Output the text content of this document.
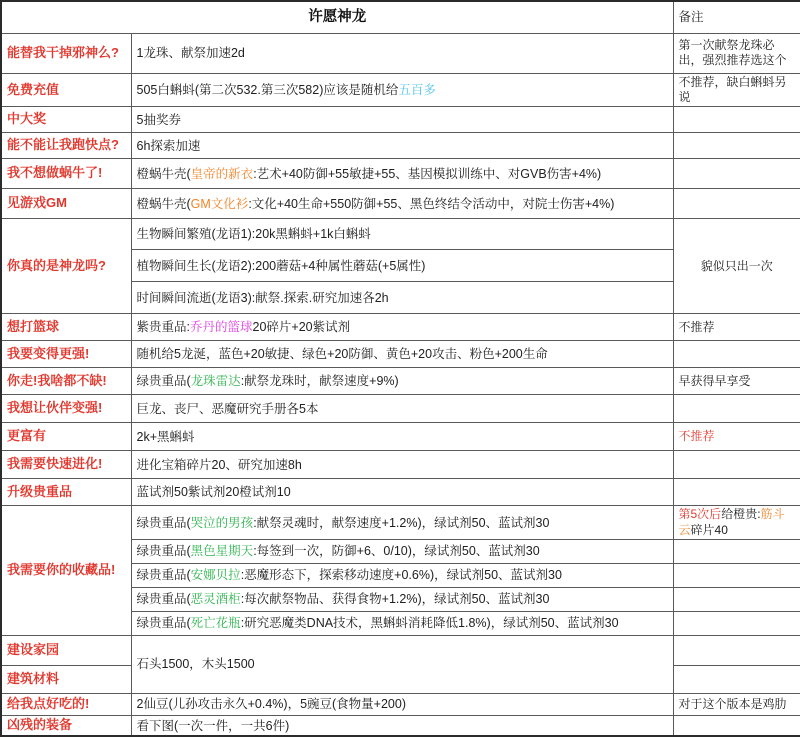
许愿神龙		备注
能替我干掉邪神么?	1龙珠、献祭加速2d	第一次献祭龙珠必出，强烈推荐选这个
免费充值	505白蝌蚪(第二次532.第三次582)应该是随机给五百多	不推荐，缺白蝌蚪另说
中大奖	5抽奖券	
能不能让我跑快点?	6h探索加速	
我不想做蜗牛了!	橙蜗牛壳(皇帝的新衣:艺术+40防御+55敏捷+55、基因模拟训练中、对GVB伤害+4%)	
见游戏GM	橙蜗牛壳(GM文化衫:文化+40生命+550防御+55、黑色终结令活动中，对院士伤害+4%)	
你真的是神龙吗?	生物瞬间繁殖(龙语1):20k黑蝌蚪+1k白蝌蚪	貌似只出一次
	植物瞬间生长(龙语2):200蘑菇+4种属性蘑菇(+5属性)	
	时间瞬间流逝(龙语3):献祭.探索.研究加速各2h	
想打篮球	紫贵重品:乔丹的篮球20碎片+20紫试剂	不推荐
我要变得更强!	随机给5龙涎，蓝色+20敏捷、绿色+20防御、黄色+20攻击、粉色+200生命	
你走!我啥都不缺!	绿贵重品(龙珠雷达:献祭龙珠时，献祭速度+9%)	早获得早享受
我想让伙伴变强!	巨龙、丧尸、恶魔研究手册各5本	
更富有	2k+黑蝌蚪	不推荐
我需要快速进化!	进化宝箱碎片20、研究加速8h	
升级贵重品	蓝试剂50紫试剂20橙试剂10	
我需要你的收藏品!	绿贵重品(哭泣的男孩:献祭灵魂时，献祭速度+1.2%)，绿试剂50、蓝试剂30	第5次后给橙贵:筋斗云碎片40
	绿贵重品(黑色星期天:每签到一次，防御+6、0/10)，绿试剂50、蓝试剂30	
	绿贵重品(安娜贝拉:恶魔形态下，探索移动速度+0.6%)，绿试剂50、蓝试剂30	
	绿贵重品(恶灵酒柜:每次献祭物品、获得食物+1.2%)，绿试剂50、蓝试剂30	
	绿贵重品(死亡花瓶:研究恶魔类DNA技术，黑蝌蚪消耗降低1.8%)，绿试剂50、蓝试剂30	
建设家园	石头1500，木头1500	
建筑材料		
给我点好吃的!	2仙豆(儿孙攻击永久+0.4%)，5豌豆(食物量+200)	对于这个版本是鸡肋
凶残的装备	看下图(一次一件，一共6件)	
